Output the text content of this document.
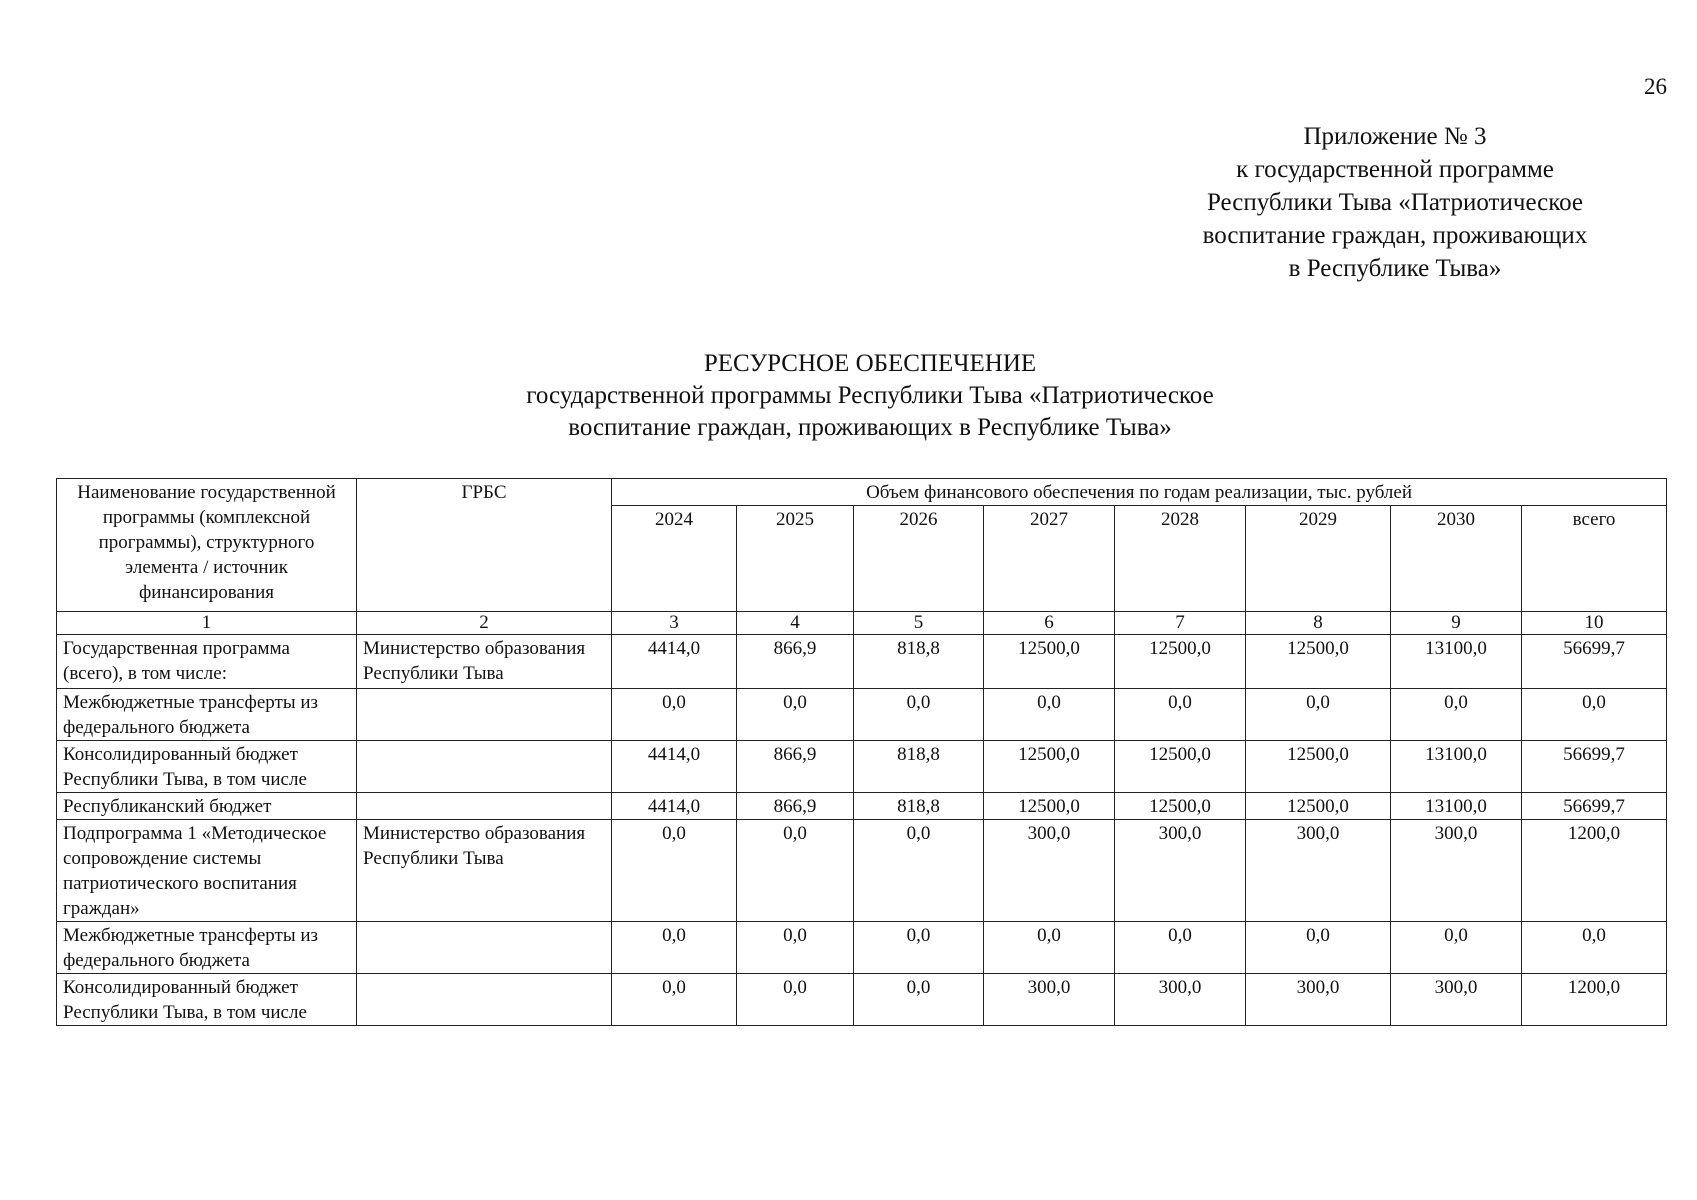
26
Приложение № 3
к государственной программе
Республики Тыва «Патриотическое
воспитание граждан, проживающих
в Республике Тыва»
РЕСУРСНОЕ ОБЕСПЕЧЕНИЕ
государственной программы Республики Тыва «Патриотическое
воспитание граждан, проживающих в Республике Тыва»
Наименование государственной программы (комплексной программы), структурного элемента / источник финансирования	ГРБС	Объем финансового обеспечения по годам реализации, тыс. рублей							
		2024	2025	2026	2027	2028	2029	2030	всего
1	2	3	4	5	6	7	8	9	10
Государственная программа (всего), в том числе:	Министерство образования Республики Тыва	4414,0	866,9	818,8	12500,0	12500,0	12500,0	13100,0	56699,7
Межбюджетные трансферты из федерального бюджета		0,0	0,0	0,0	0,0	0,0	0,0	0,0	0,0
Консолидированный бюджет Республики Тыва, в том числе		4414,0	866,9	818,8	12500,0	12500,0	12500,0	13100,0	56699,7
Республиканский бюджет		4414,0	866,9	818,8	12500,0	12500,0	12500,0	13100,0	56699,7
Подпрограмма 1 «Методическое сопровождение системы патриотического воспитания граждан»	Министерство образования Республики Тыва	0,0	0,0	0,0	300,0	300,0	300,0	300,0	1200,0
Межбюджетные трансферты из федерального бюджета		0,0	0,0	0,0	0,0	0,0	0,0	0,0	0,0
Консолидированный бюджет Республики Тыва, в том числе		0,0	0,0	0,0	300,0	300,0	300,0	300,0	1200,0
